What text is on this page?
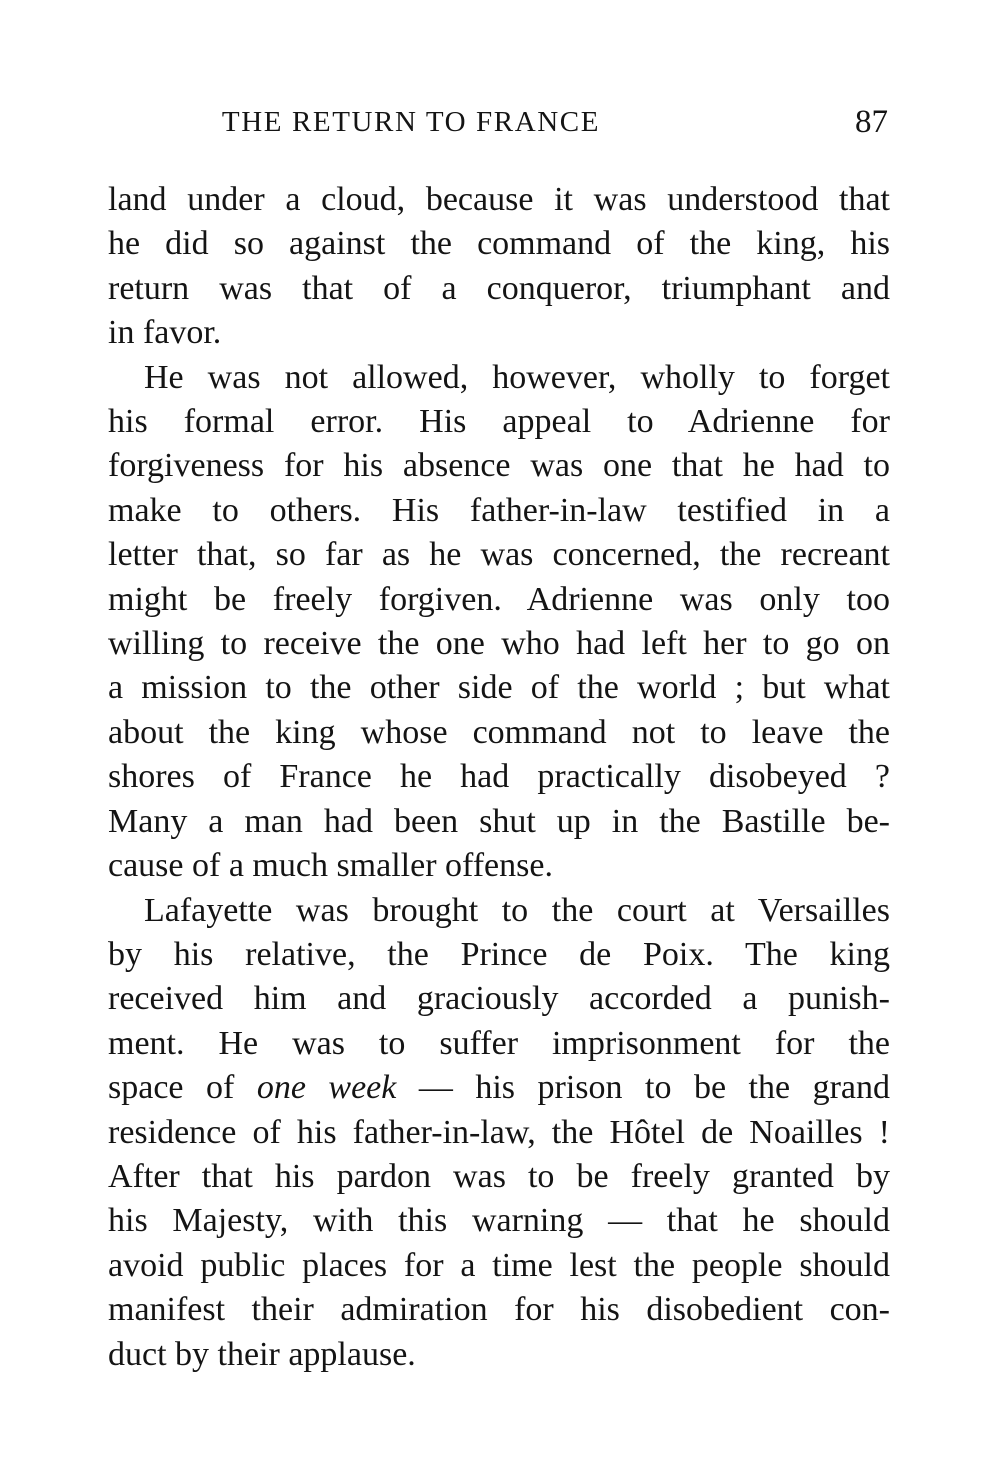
THE RETURN TO FRANCE	87

land under a cloud, because it was understood that

he did so against the command of the king, his

return was that of a conqueror, triumphant and

in favor.

He was not allowed, however, wholly to forget

his formal error. His appeal to Adrienne for

forgiveness for his absence was one that he had to

make to others. His father-in-law testified in a

letter that, so far as he was concerned, the recreant

might be freely forgiven. Adrienne was only too

willing to receive the one who had left her to go on

a mission to the other side of the world ; but what

about the king whose command not to leave the

shores of France he had practically disobeyed ?

Many a man had been shut up in the Bastille be-

cause of a much smaller offense.

Lafayette was brought to the court at Versailles

by his relative, the Prince de Poix. The king

received him and graciously accorded a punish-

ment. He was to suffer imprisonment for the

space of one week — his prison to be the grand

residence of his father-in-law, the Hôtel de Noailles !

After that his pardon was to be freely granted by

his Majesty, with this warning — that he should

avoid public places for a time lest the people should

manifest their admiration for his disobedient con-

duct by their applause.
